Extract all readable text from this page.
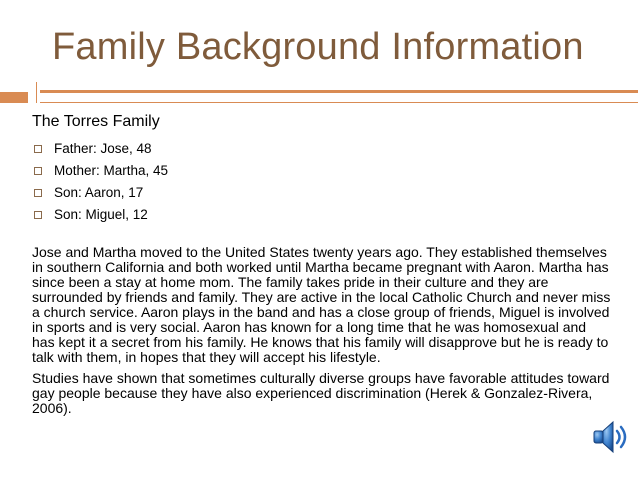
Family Background Information
The Torres Family
Father: Jose, 48
Mother: Martha, 45
Son: Aaron, 17
Son: Miguel, 12

Jose and Martha moved to the United States twenty years ago. They established themselves in southern California and both worked until Martha became pregnant with Aaron. Martha has since been a stay at home mom. The family takes pride in their culture and they are surrounded by friends and family. They are active in the local Catholic Church and never miss a church service. Aaron plays in the band and has a close group of friends, Miguel is involved in sports and is very social. Aaron has known for a long time that he was homosexual and has kept it a secret from his family. He knows that his family will disapprove but he is ready to talk with them, in hopes that they will accept his lifestyle.

Studies have shown that sometimes culturally diverse groups have favorable attitudes toward gay people because they have also experienced discrimination (Herek & Gonzalez-Rivera, 2006).
